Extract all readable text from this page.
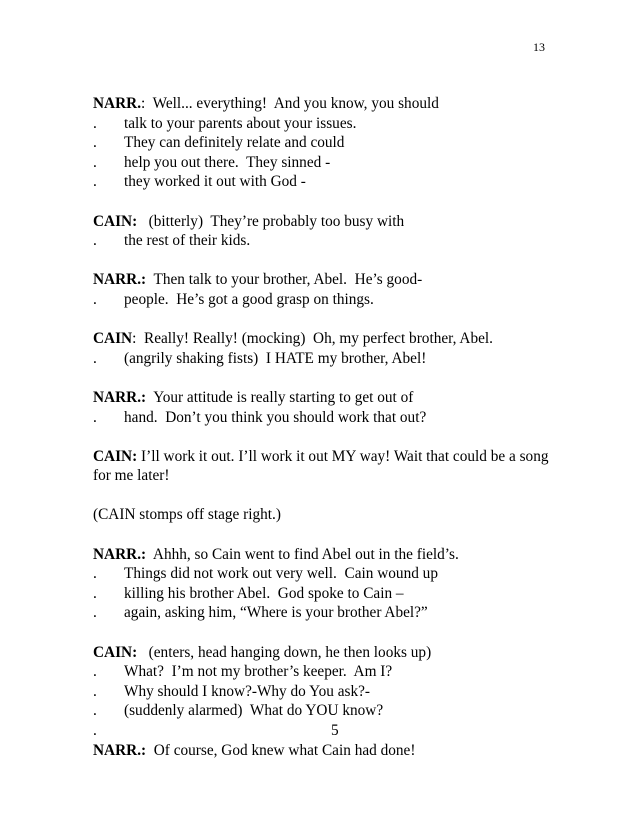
13
NARR.:  Well... everything!  And you know, you should
. talk to your parents about your issues.
. They can definitely relate and could
. help you out there.  They sinned -
. they worked it out with God -
CAIN:   (bitterly)  They’re probably too busy with
. the rest of their kids.
NARR.:  Then talk to your brother, Abel.  He’s good-
. people.  He’s got a good grasp on things.
CAIN:  Really! Really! (mocking)  Oh, my perfect brother, Abel.
. (angrily shaking fists)  I HATE my brother, Abel!
NARR.:  Your attitude is really starting to get out of
. hand.  Don’t you think you should work that out?
CAIN: I’ll work it out. I’ll work it out MY way! Wait that could be a song for me later!
(CAIN stomps off stage right.)
NARR.:  Ahhh, so Cain went to find Abel out in the field’s.
. Things did not work out very well.  Cain wound up
. killing his brother Abel.  God spoke to Cain –
. again, asking him, “Where is your brother Abel?”
CAIN:   (enters, head hanging down, he then looks up)
. What?  I’m not my brother’s keeper.  Am I?
. Why should I know?-Why do You ask?-
. (suddenly alarmed)  What do YOU know?
.	5
NARR.:  Of course, God knew what Cain had done!
